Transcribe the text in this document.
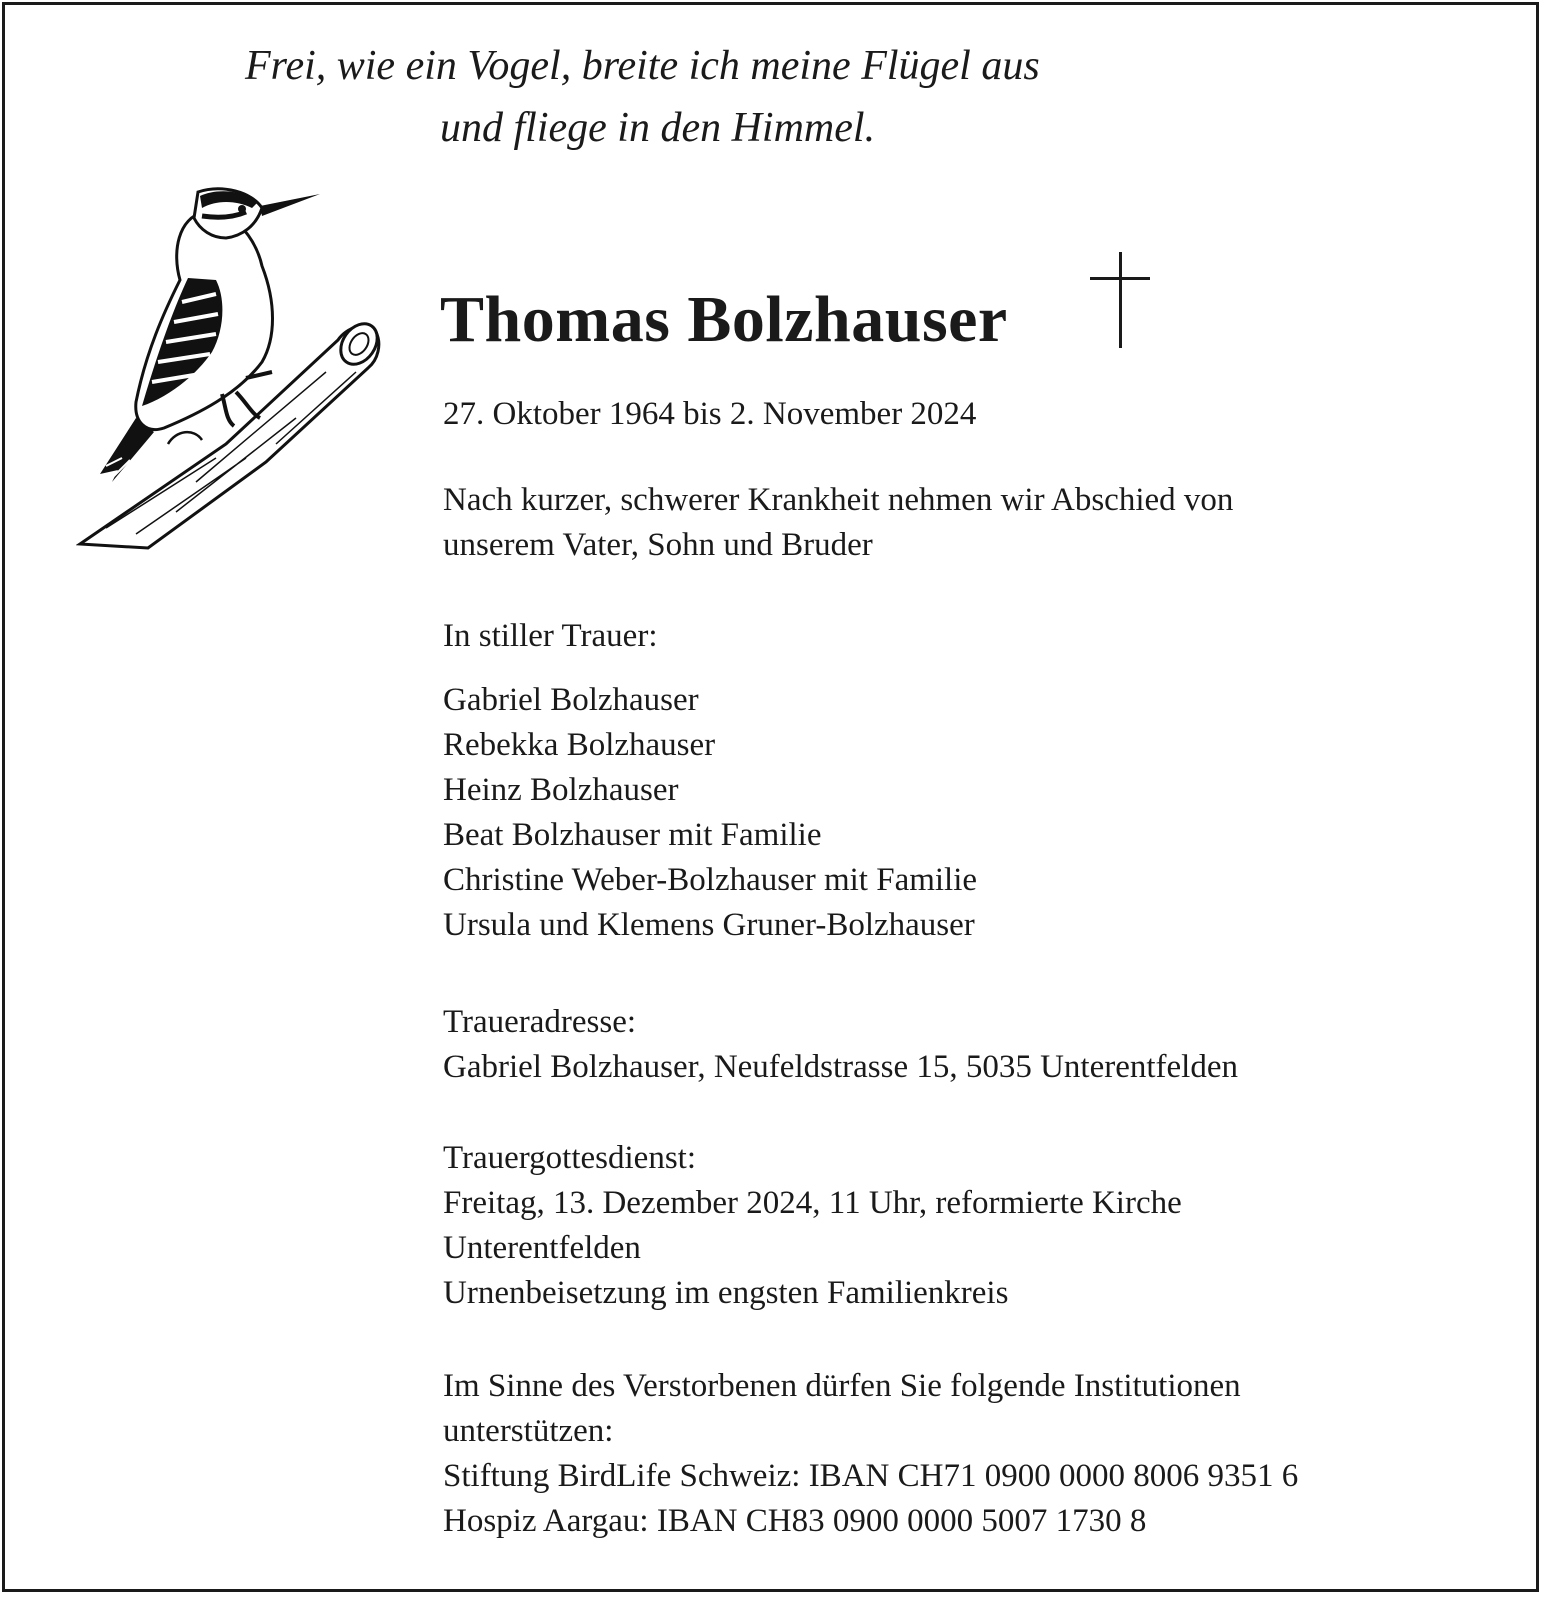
Frei, wie ein Vogel, breite ich meine Flügel aus
und fliege in den Himmel.
Thomas Bolzhauser
27. Oktober 1964 bis 2. November 2024
Nach kurzer, schwerer Krankheit nehmen wir Abschied von
unserem Vater, Sohn und Bruder
In stiller Trauer:
Gabriel Bolzhauser
Rebekka Bolzhauser
Heinz Bolzhauser
Beat Bolzhauser mit Familie
Christine Weber-Bolzhauser mit Familie
Ursula und Klemens Gruner-Bolzhauser
Traueradresse:
Gabriel Bolzhauser, Neufeldstrasse 15, 5035 Unterentfelden
Trauergottesdienst:
Freitag, 13. Dezember 2024, 11 Uhr, reformierte Kirche
Unterentfelden
Urnenbeisetzung im engsten Familienkreis
Im Sinne des Verstorbenen dürfen Sie folgende Institutionen
unterstützen:
Stiftung BirdLife Schweiz: IBAN CH71 0900 0000 8006 9351 6
Hospiz Aargau: IBAN CH83 0900 0000 5007 1730 8
